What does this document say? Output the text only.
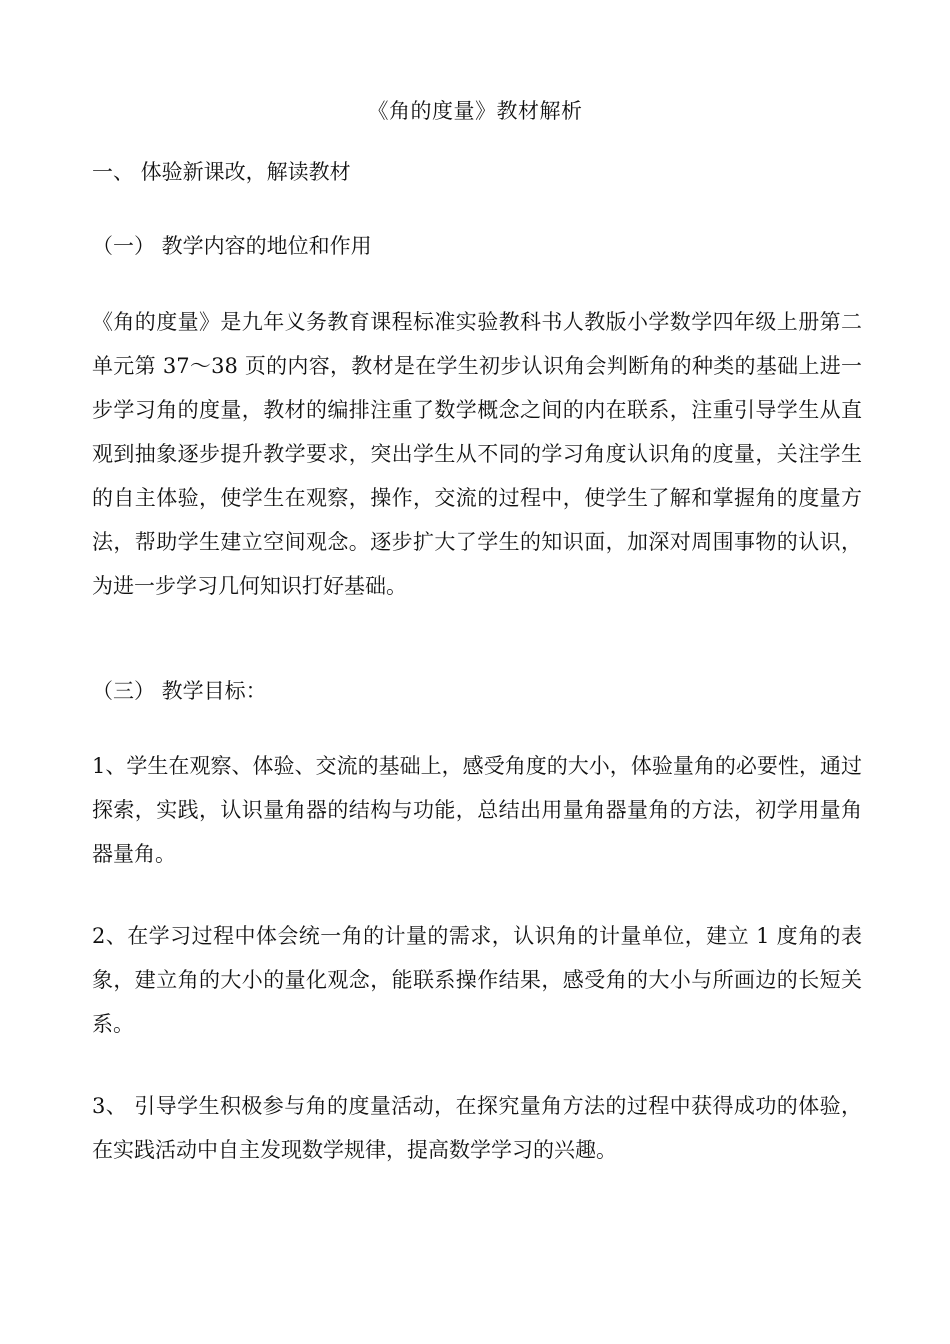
《角的度量》教材解析
一、 体验新课改，解读教材
（一） 教学内容的地位和作用
《角的度量》是九年义务教育课程标准实验教科书人教版小学数学四年级上册第二单元第 37～38 页的内容，教材是在学生初步认识角会判断角的种类的基础上进一步学习角的度量，教材的编排注重了数学概念之间的内在联系，注重引导学生从直观到抽象逐步提升教学要求，突出学生从不同的学习角度认识角的度量，关注学生的自主体验，使学生在观察，操作，交流的过程中，使学生了解和掌握角的度量方法，帮助学生建立空间观念。逐步扩大了学生的知识面，加深对周围事物的认识，为进一步学习几何知识打好基础。
（三） 教学目标：
1、学生在观察、体验、交流的基础上，感受角度的大小，体验量角的必要性，通过探索，实践，认识量角器的结构与功能，总结出用量角器量角的方法，初学用量角器量角。
2、在学习过程中体会统一角的计量的需求，认识角的计量单位，建立 1 度角的表象，建立角的大小的量化观念，能联系操作结果，感受角的大小与所画边的长短关系。
3、 引导学生积极参与角的度量活动，在探究量角方法的过程中获得成功的体验，在实践活动中自主发现数学规律，提高数学学习的兴趣。
